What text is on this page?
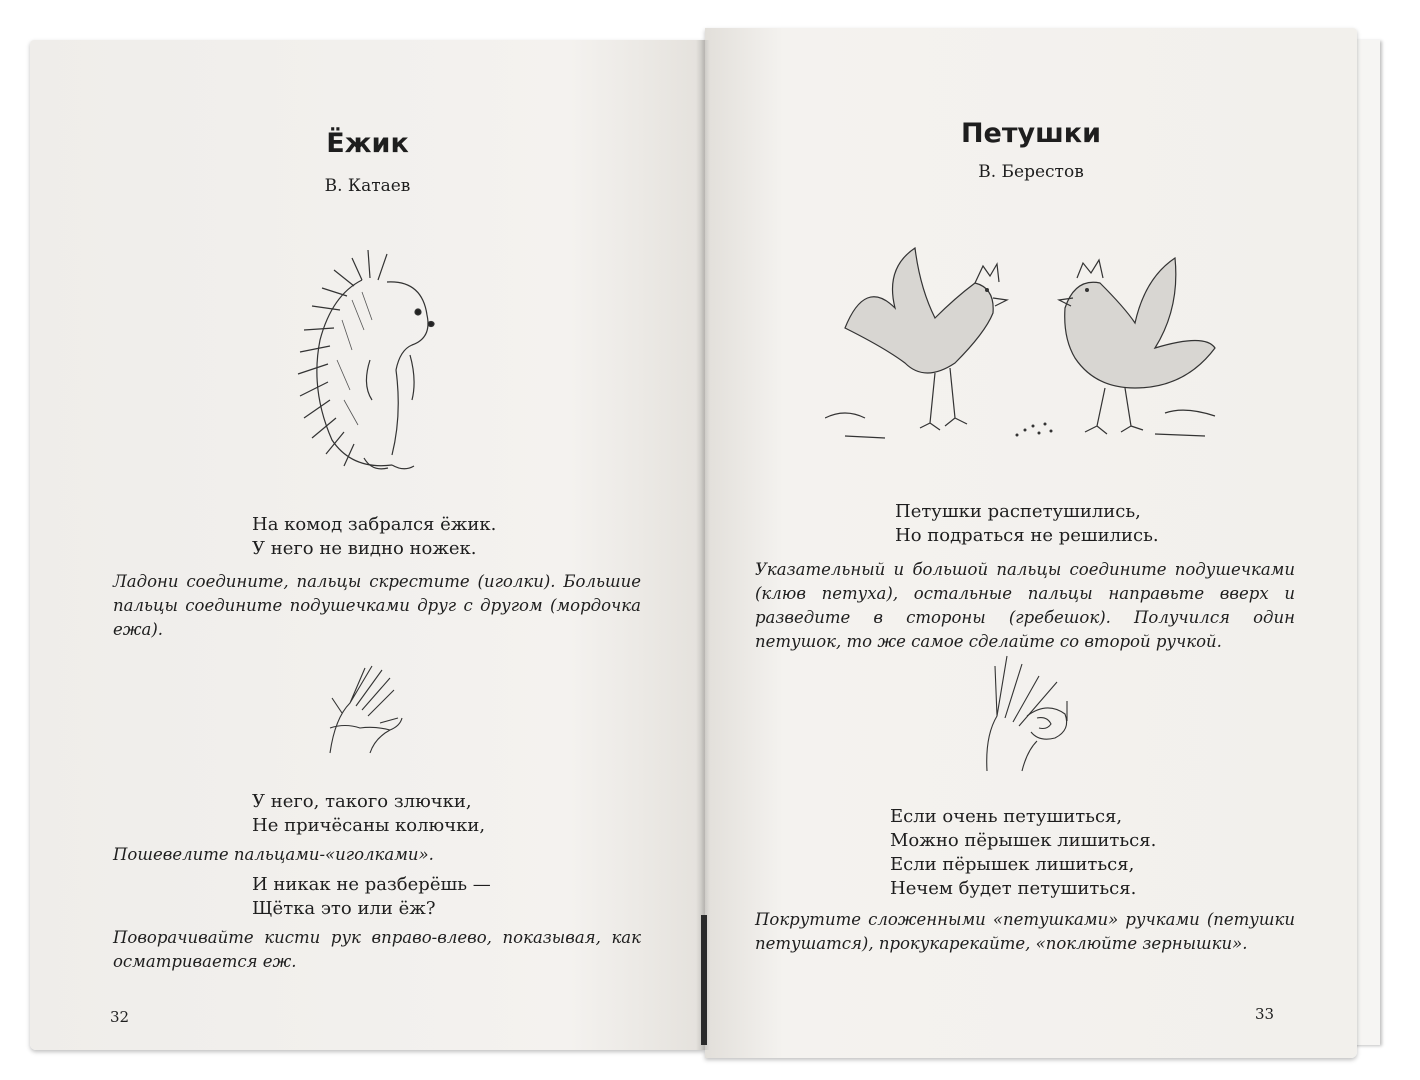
Ёжик
В. Катаев
На комод забрался ёжик.
У него не видно ножек.
Ладони соедините, пальцы скрестите (иголки). Большие пальцы соедините подушечками друг с другом (мордочка ежа).
У него, такого злючки,
Не причёсаны колючки,
Пошевелите пальцами-«иголками».
И никак не разберёшь —
Щётка это или ёж?
Поворачивайте кисти рук вправо-влево, показывая, как осматривается еж.
32
Петушки
В. Берестов
Петушки распетушились,
Но подраться не решились.
Указательный и большой пальцы соедините подушечками (клюв петуха), остальные пальцы направьте вверх и разведите в стороны (гребешок). Получился один петушок, то же самое сделайте со второй ручкой.
Если очень петушиться,
Можно пёрышек лишиться.
Если пёрышек лишиться,
Нечем будет петушиться.
Покрутите сложенными «петушками» ручками (петушки петушатся), прокукарекайте, «поклюйте зернышки».
33
